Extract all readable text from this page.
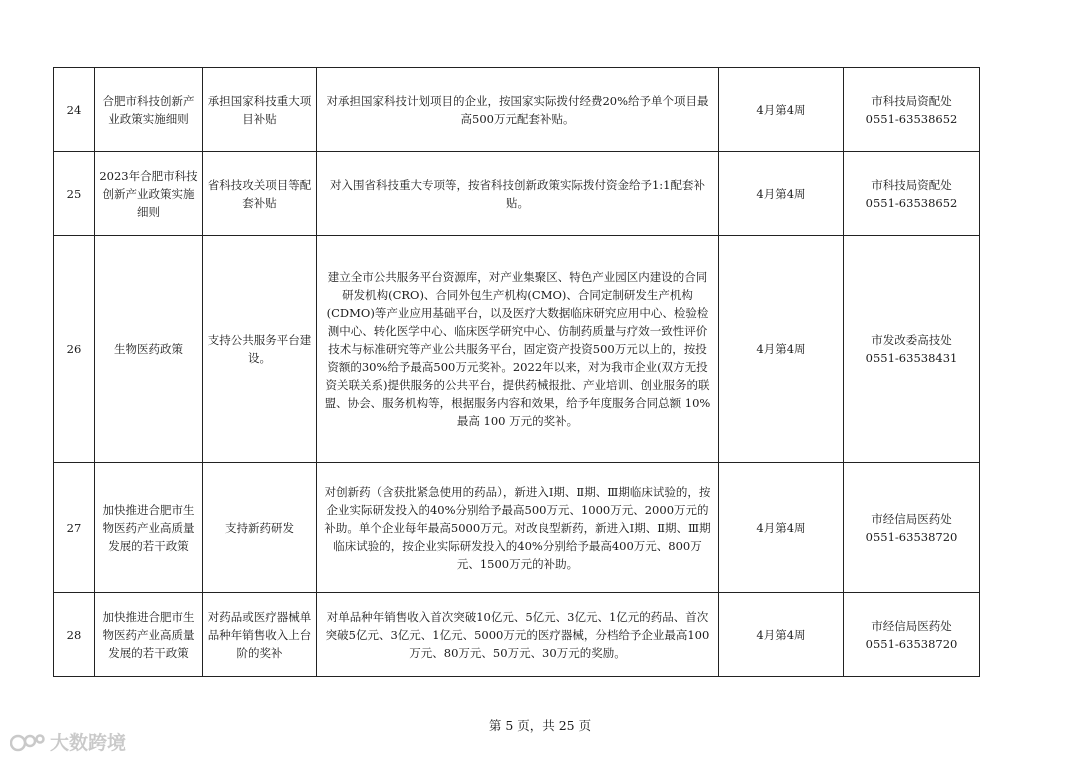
24	合肥市科技创新产业政策实施细则	承担国家科技重大项目补贴	对承担国家科技计划项目的企业，按国家实际拨付经费20%给予单个项目最高500万元配套补贴。	4月第4周	市科技局资配处
0551-63538652

25	2023年合肥市科技创新产业政策实施细则	省科技攻关项目等配套补贴	对入围省科技重大专项等，按省科技创新政策实际拨付资金给予1:1配套补贴。	4月第4周	市科技局资配处
0551-63538652

26	生物医药政策	支持公共服务平台建设。	建立全市公共服务平台资源库，对产业集聚区、特色产业园区内建设的合同研发机构(CRO)、合同外包生产机构(CMO)、合同定制研发生产机构(CDMO)等产业应用基础平台，以及医疗大数据临床研究应用中心、检验检测中心、转化医学中心、临床医学研究中心、仿制药质量与疗效一致性评价技术与标准研究等产业公共服务平台，固定资产投资500万元以上的，按投资额的30%给予最高500万元奖补。2022年以来，对为我市企业(双方无投资关联关系)提供服务的公共平台，提供药械报批、产业培训、创业服务的联盟、协会、服务机构等，根据服务内容和效果，给予年度服务合同总额 10%最高 100 万元的奖补。	4月第4周	市发改委高技处
0551-63538431

27	加快推进合肥市生物医药产业高质量发展的若干政策	支持新药研发	对创新药（含获批紧急使用的药品），新进入Ⅰ期、Ⅱ期、Ⅲ期临床试验的，按企业实际研发投入的40%分别给予最高500万元、1000万元、2000万元的补助。单个企业每年最高5000万元。对改良型新药，新进入Ⅰ期、Ⅱ期、Ⅲ期临床试验的，按企业实际研发投入的40%分别给予最高400万元、800万元、1500万元的补助。	4月第4周	市经信局医药处
0551-63538720

28	加快推进合肥市生物医药产业高质量发展的若干政策	对药品或医疗器械单品种年销售收入上台阶的奖补	对单品种年销售收入首次突破10亿元、5亿元、3亿元、1亿元的药品、首次突破5亿元、3亿元、1亿元、5000万元的医疗器械，分档给予企业最高100万元、80万元、50万元、30万元的奖励。	4月第4周	市经信局医药处
0551-63538720
第 5 页，共 25 页
大数跨境
